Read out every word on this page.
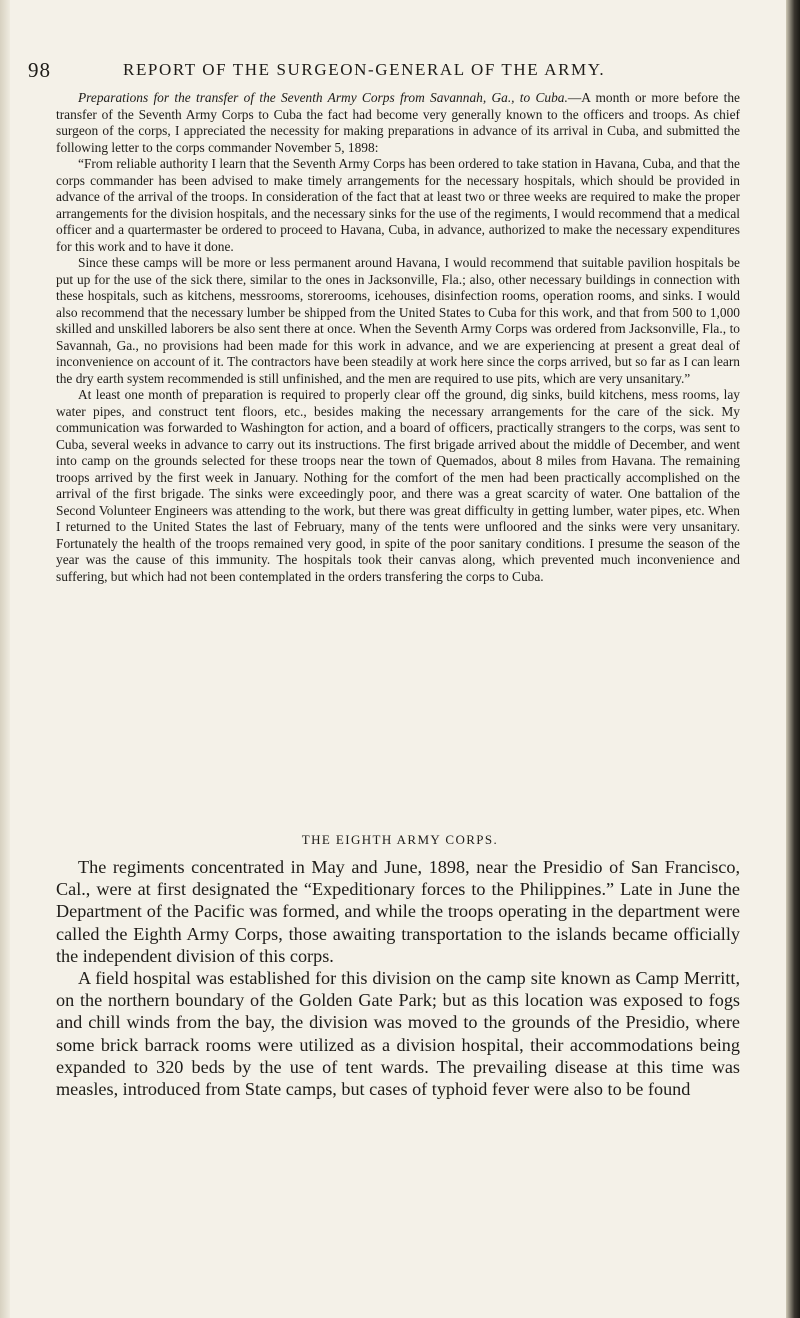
98	REPORT OF THE SURGEON-GENERAL OF THE ARMY.

Preparations for the transfer of the Seventh Army Corps from Savannah, Ga., to Cuba.—A month or more before the transfer of the Seventh Army Corps to Cuba the fact had become very generally known to the officers and troops. As chief surgeon of the corps, I appreciated the necessity for making preparations in advance of its arrival in Cuba, and submitted the following letter to the corps commander November 5, 1898:

“From reliable authority I learn that the Seventh Army Corps has been ordered to take station in Havana, Cuba, and that the corps commander has been advised to make timely arrangements for the necessary hospitals, which should be provided in advance of the arrival of the troops. In consideration of the fact that at least two or three weeks are required to make the proper arrangements for the division hospitals, and the necessary sinks for the use of the regiments, I would recommend that a medical officer and a quartermaster be ordered to proceed to Havana, Cuba, in advance, authorized to make the necessary expenditures for this work and to have it done.

Since these camps will be more or less permanent around Havana, I would recommend that suitable pavilion hospitals be put up for the use of the sick there, similar to the ones in Jacksonville, Fla.; also, other necessary buildings in connection with these hospitals, such as kitchens, messrooms, storerooms, icehouses, disinfection rooms, operation rooms, and sinks. I would also recommend that the necessary lumber be shipped from the United States to Cuba for this work, and that from 500 to 1,000 skilled and unskilled laborers be also sent there at once. When the Seventh Army Corps was ordered from Jacksonville, Fla., to Savannah, Ga., no provisions had been made for this work in advance, and we are experiencing at present a great deal of inconvenience on account of it. The contractors have been steadily at work here since the corps arrived, but so far as I can learn the dry earth system recommended is still unfinished, and the men are required to use pits, which are very unsanitary.”

At least one month of preparation is required to properly clear off the ground, dig sinks, build kitchens, mess rooms, lay water pipes, and construct tent floors, etc., besides making the necessary arrangements for the care of the sick. My communication was forwarded to Washington for action, and a board of officers, practically strangers to the corps, was sent to Cuba, several weeks in advance to carry out its instructions. The first brigade arrived about the middle of December, and went into camp on the grounds selected for these troops near the town of Quemados, about 8 miles from Havana. The remaining troops arrived by the first week in January. Nothing for the comfort of the men had been practically accomplished on the arrival of the first brigade. The sinks were exceedingly poor, and there was a great scarcity of water. One battalion of the Second Volunteer Engineers was attending to the work, but there was great difficulty in getting lumber, water pipes, etc. When I returned to the United States the last of February, many of the tents were unfloored and the sinks were very unsanitary. Fortunately the health of the troops remained very good, in spite of the poor sanitary conditions. I presume the season of the year was the cause of this immunity. The hospitals took their canvas along, which prevented much inconvenience and suffering, but which had not been contemplated in the orders transfering the corps to Cuba.

THE EIGHTH ARMY CORPS.

The regiments concentrated in May and June, 1898, near the Presidio of San Francisco, Cal., were at first designated the “Expeditionary forces to the Philippines.” Late in June the Department of the Pacific was formed, and while the troops operating in the department were called the Eighth Army Corps, those awaiting transportation to the islands became officially the independent division of this corps.

A field hospital was established for this division on the camp site known as Camp Merritt, on the northern boundary of the Golden Gate Park; but as this location was exposed to fogs and chill winds from the bay, the division was moved to the grounds of the Presidio, where some brick barrack rooms were utilized as a division hospital, their accommodations being expanded to 320 beds by the use of tent wards. The prevailing disease at this time was measles, introduced from State camps, but cases of typhoid fever were also to be found
